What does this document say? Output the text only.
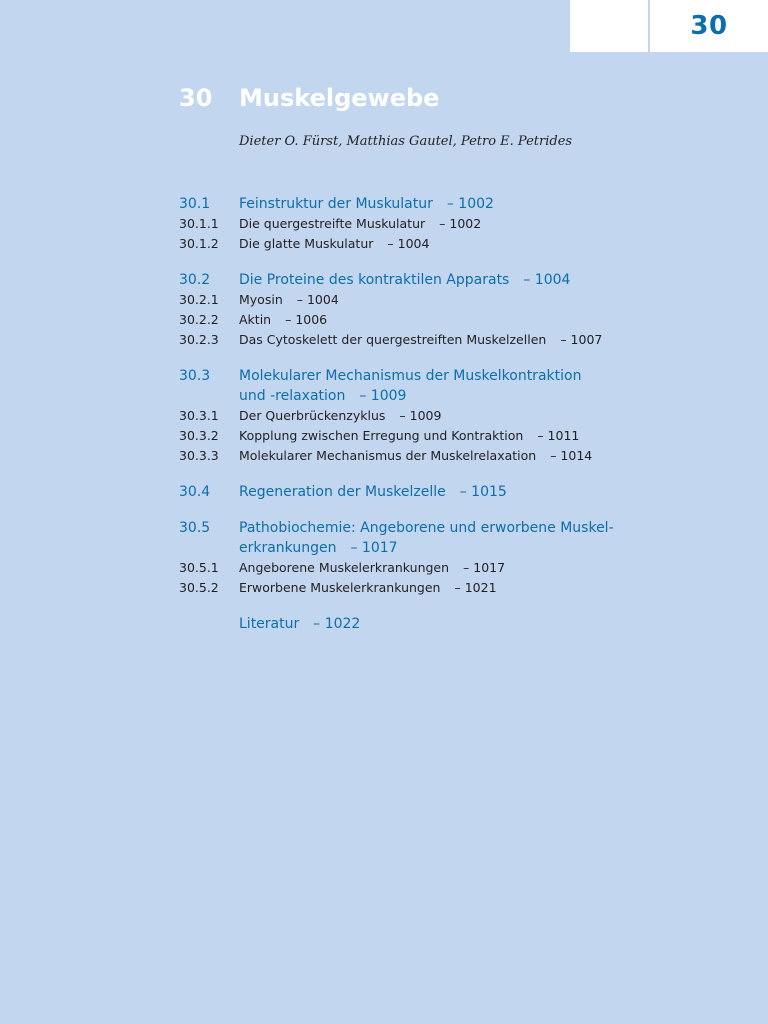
30
30	Muskelgewebe
Dieter O. Fürst, Matthias Gautel, Petro E. Petrides
30.1	Feinstruktur der Muskulatur – 1002
30.1.1	Die quergestreifte Muskulatur – 1002
30.1.2	Die glatte Muskulatur – 1004
30.2	Die Proteine des kontraktilen Apparats – 1004
30.2.1	Myosin – 1004
30.2.2	Aktin – 1006
30.2.3	Das Cytoskelett der quergestreiften Muskelzellen – 1007
30.3	Molekularer Mechanismus der Muskelkontraktion
und -relaxation – 1009
30.3.1	Der Querbrückenzyklus – 1009
30.3.2	Kopplung zwischen Erregung und Kontraktion – 1011
30.3.3	Molekularer Mechanismus der Muskelrelaxation – 1014
30.4	Regeneration der Muskelzelle – 1015
30.5	Pathobiochemie: Angeborene und erworbene Muskel-
erkrankungen – 1017
30.5.1	Angeborene Muskelerkrankungen – 1017
30.5.2	Erworbene Muskelerkrankungen – 1021
Literatur – 1022
